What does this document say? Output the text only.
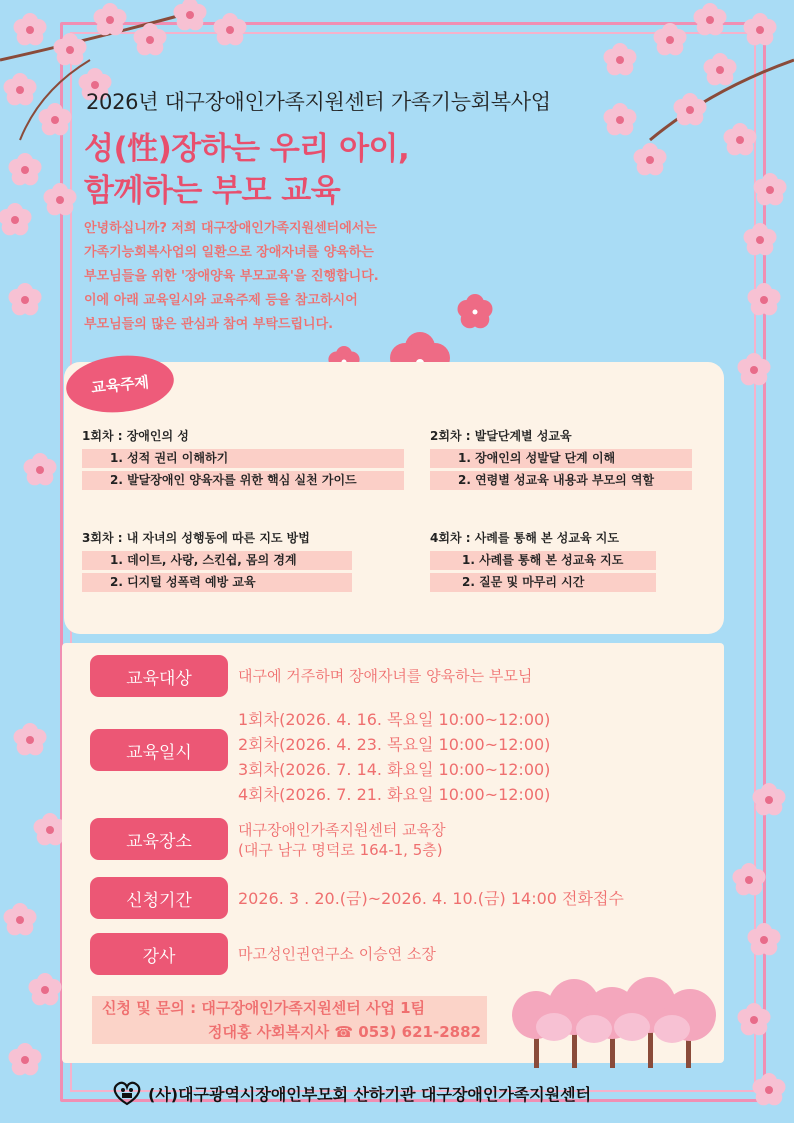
2026년 대구장애인가족지원센터 가족기능회복사업
성(性)장하는 우리 아이,
함께하는 부모 교육
안녕하십니까? 저희 대구장애인가족지원센터에서는
가족기능회복사업의 일환으로 장애자녀를 양육하는
부모님들을 위한 '장애양육 부모교육'을 진행합니다.
이에 아래 교육일시와 교육주제 등을 참고하시어
부모님들의 많은 관심과 참여 부탁드립니다.
교육주제
1회차 : 장애인의 성
1. 성적 권리 이해하기
2. 발달장애인 양육자를 위한 핵심 실천 가이드
2회차 : 발달단계별 성교육
1. 장애인의 성발달 단계 이해
2. 연령별 성교육 내용과 부모의 역할
3회차 : 내 자녀의 성행동에 따른 지도 방법
1. 데이트, 사랑, 스킨쉽, 몸의 경계
2. 디지털 성폭력 예방 교육
4회차 : 사례를 통해 본 성교육 지도
1. 사례를 통해 본 성교육 지도
2. 질문 및 마무리 시간
교육대상	대구에 거주하며 장애자녀를 양육하는 부모님
교육일시
1회차(2026. 4. 16. 목요일 10:00~12:00)
2회차(2026. 4. 23. 목요일 10:00~12:00)
3회차(2026. 7. 14. 화요일 10:00~12:00)
4회차(2026. 7. 21. 화요일 10:00~12:00)
교육장소
대구장애인가족지원센터 교육장
(대구 남구 명덕로 164-1, 5층)
신청기간	2026. 3 . 20.(금)~2026. 4. 10.(금) 14:00 전화접수
강사	마고성인권연구소 이승연 소장
신청 및 문의 : 대구장애인가족지원센터 사업 1팀
정대홍 사회복지사 ☎ 053) 621-2882
(사)대구광역시장애인부모회 산하기관 대구장애인가족지원센터
